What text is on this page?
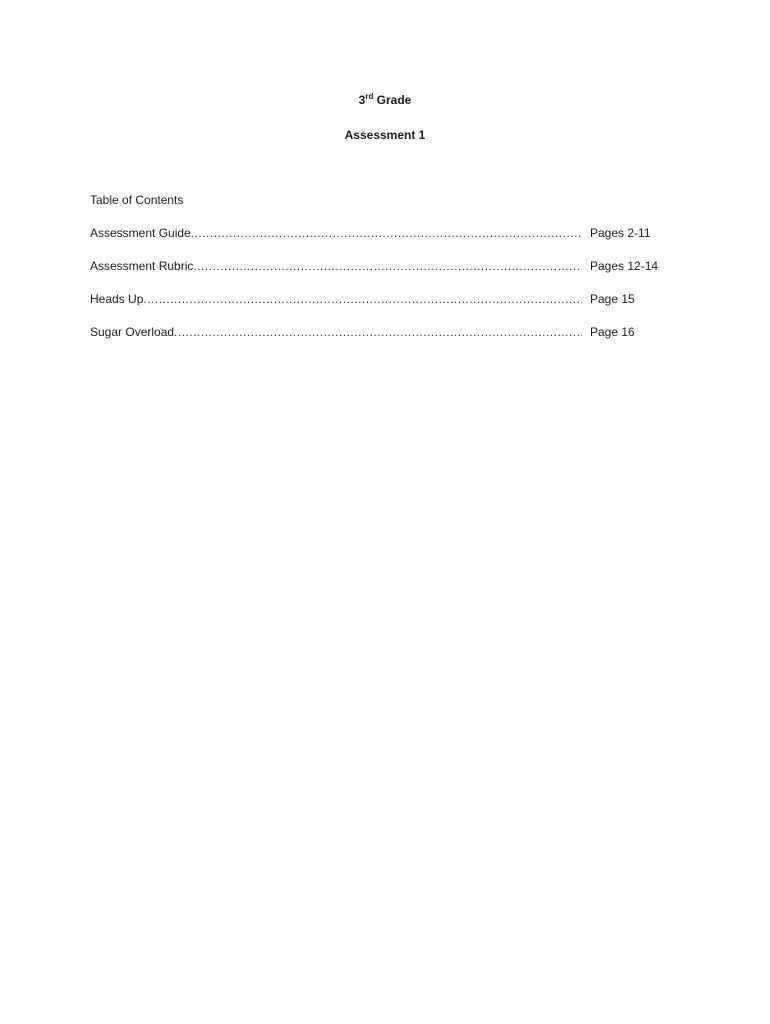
3rd Grade
Assessment 1
Table of Contents
Assessment Guide .....	Pages 2-11
Assessment Rubric .....	Pages 12-14
Heads Up .....	Page 15
Sugar Overload .....	Page 16
